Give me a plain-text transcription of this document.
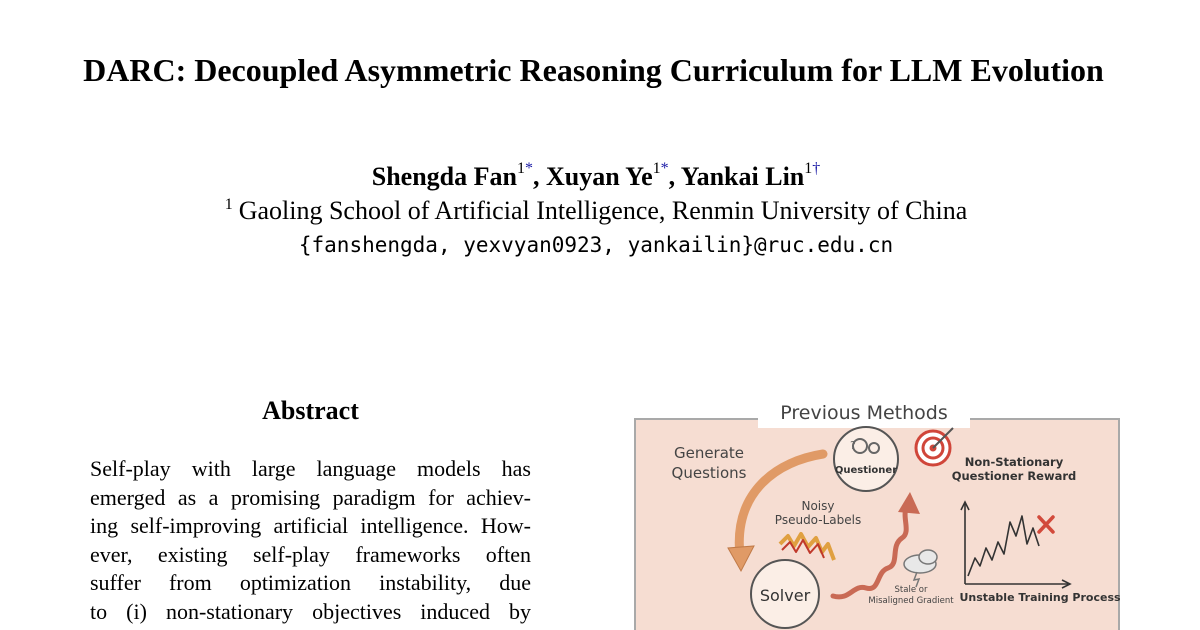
DARC: Decoupled Asymmetric Reasoning Curriculum for LLM Evolution
Shengda Fan$^{1*}$, Xuyan $Ye^{1*}$, Yankai Lin$^{1\dagger}$
$^1$ Gaoling School of Artificial Intelligence, Renmin University of China
{fanshengda, yexvyan0923, yankailin}@ruc.edu.cn
Abstract
Self-play with large language models has
emerged as a promising paradigm for achiev-
ing self-improving artificial intelligence. How-
ever, existing self-play frameworks often
suffer from optimization instability, due
to (i) non-stationary objectives induced by
Previous Methods
Generate
Questions
?
Questioner
Non-Stationary
Questioner Reward
Noisy
Pseudo-Labels
Solver	Stale or
Misaligned Gradient Unstable Training Process
